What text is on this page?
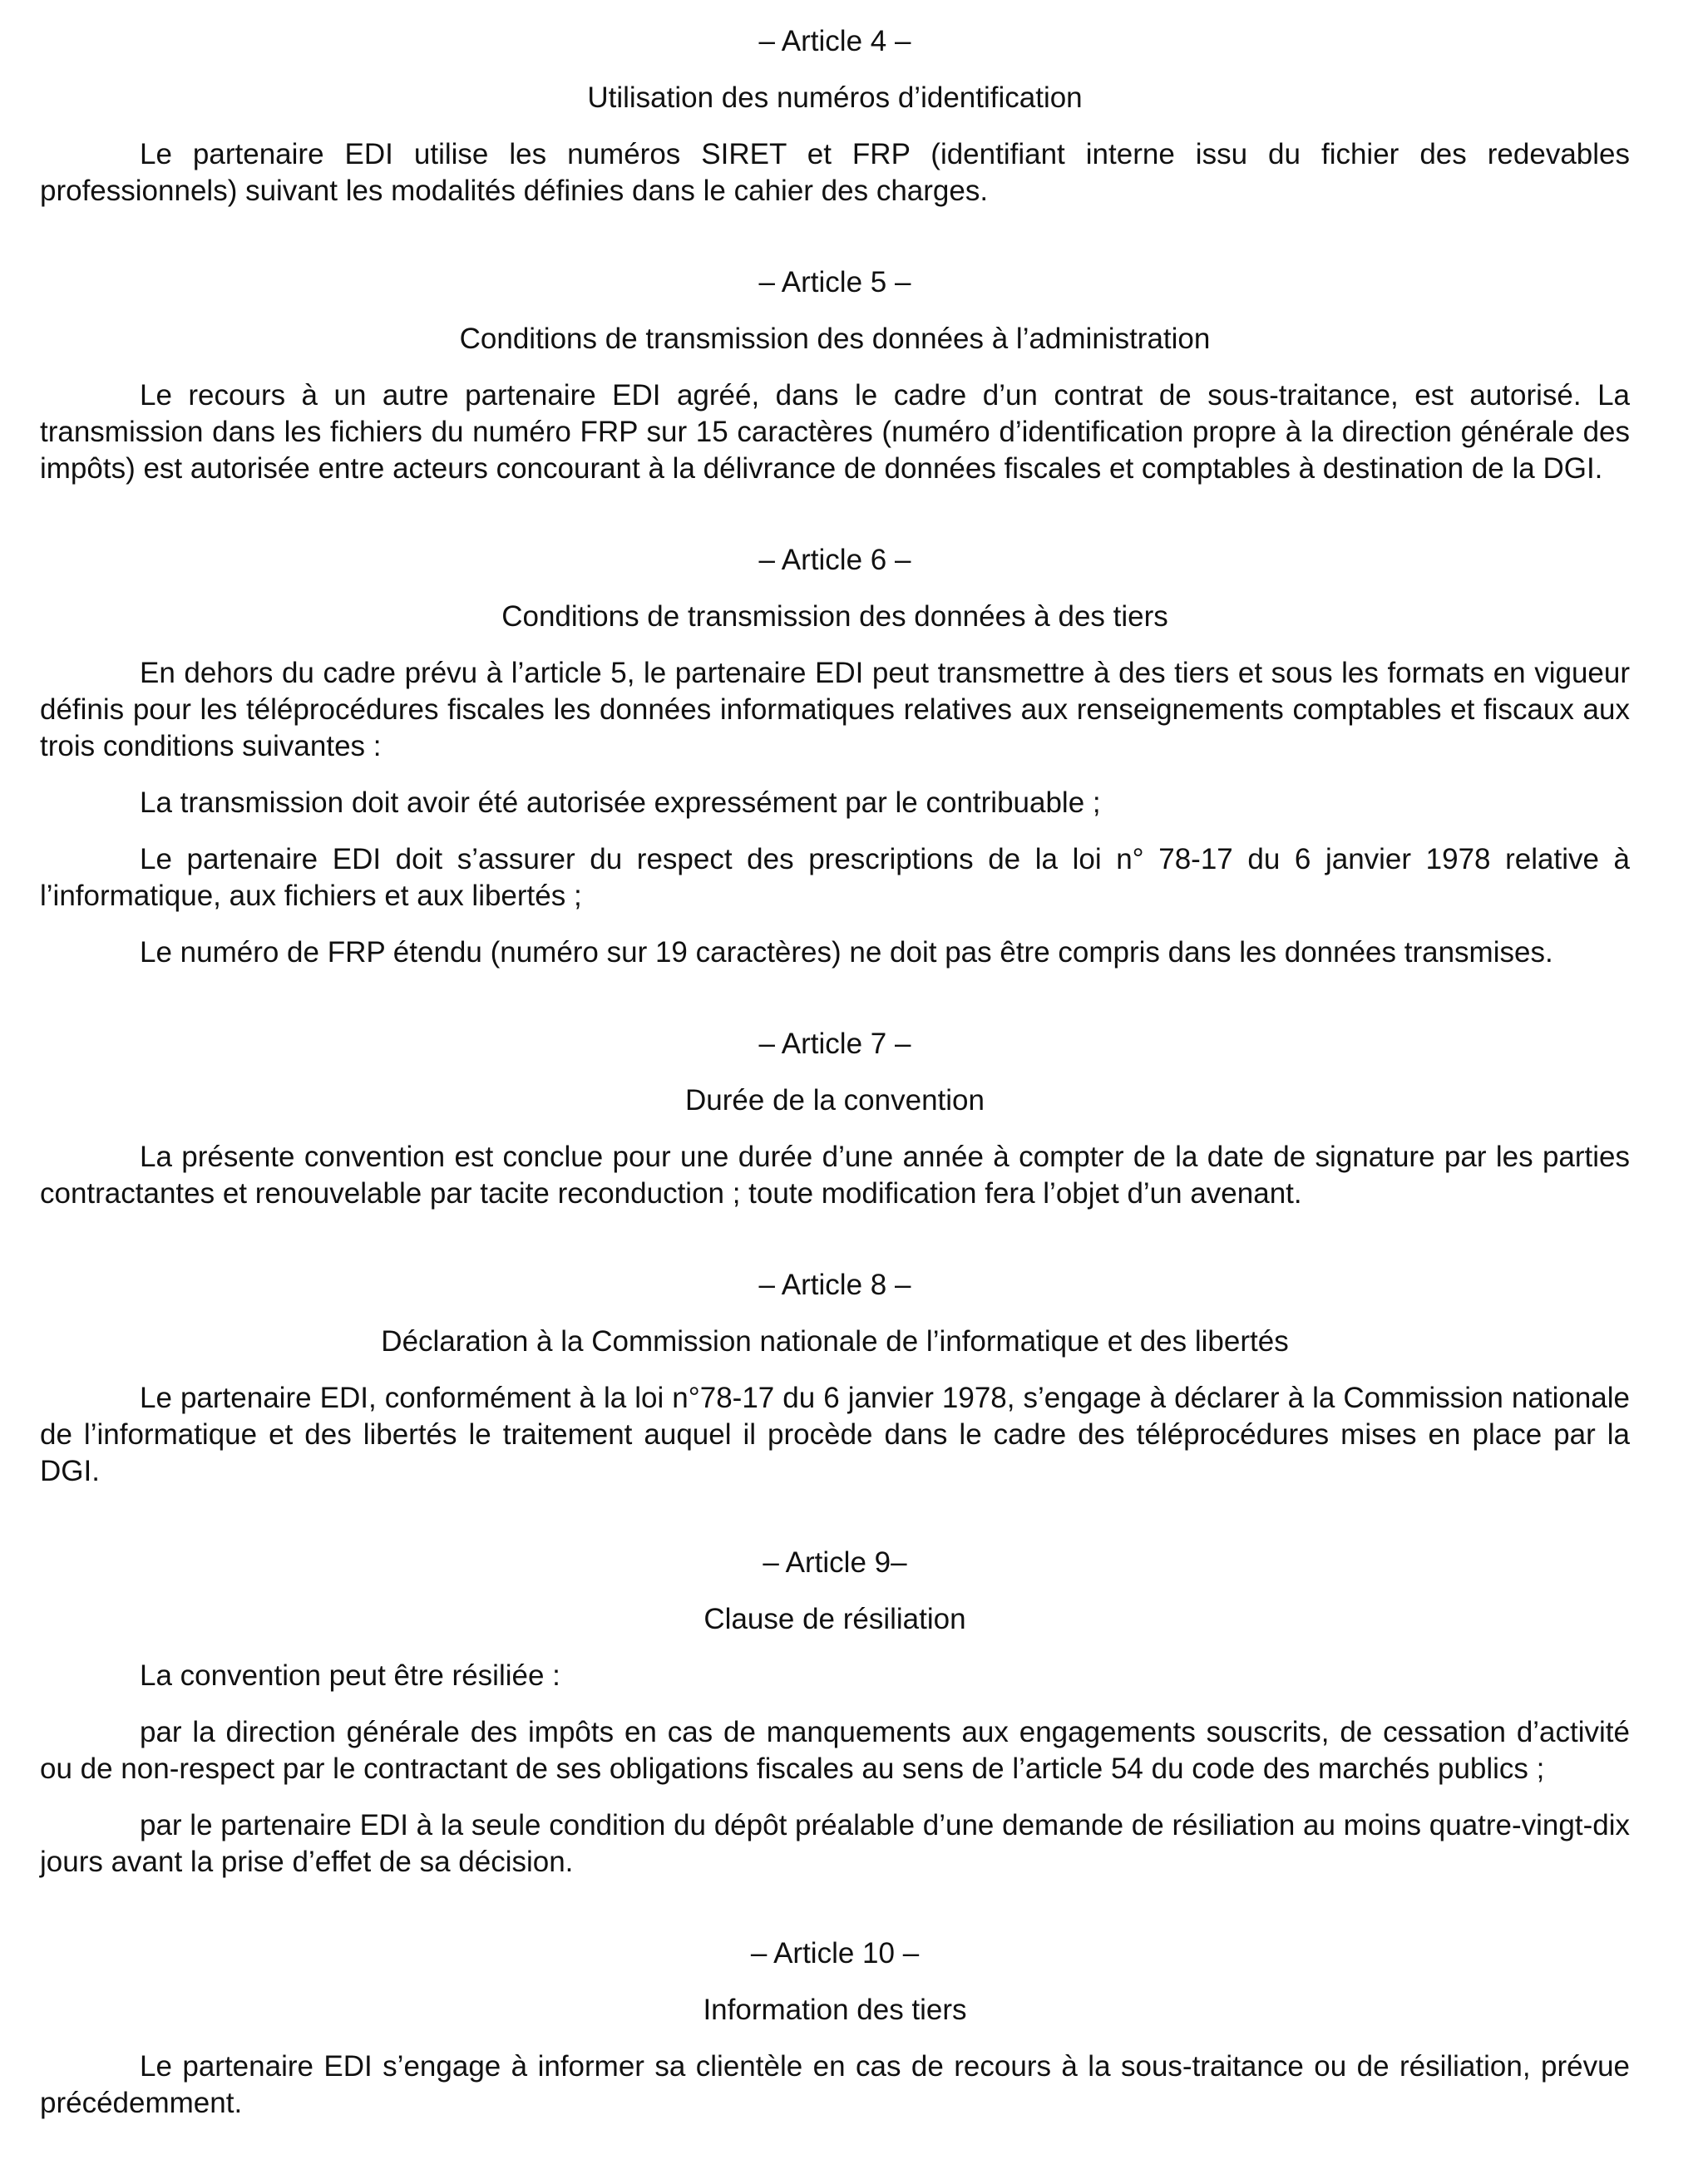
– Article 4 –
Utilisation des numéros d’identification

Le partenaire EDI utilise les numéros SIRET et FRP (identifiant interne issu du fichier des redevables professionnels) suivant les modalités définies dans le cahier des charges.

– Article 5 –
Conditions de transmission des données à l’administration

Le recours à un autre partenaire EDI agréé, dans le cadre d’un contrat de sous-traitance, est autorisé. La transmission dans les fichiers du numéro FRP sur 15 caractères (numéro d’identification propre à la direction générale des impôts) est autorisée entre acteurs concourant à la délivrance de données fiscales et comptables à destination de la DGI.

– Article 6 –
Conditions de transmission des données à des tiers

En dehors du cadre prévu à l’article 5, le partenaire EDI peut transmettre à des tiers et sous les formats en vigueur définis pour les téléprocédures fiscales les données informatiques relatives aux renseignements comptables et fiscaux aux trois conditions suivantes :

La transmission doit avoir été autorisée expressément par le contribuable ;

Le partenaire EDI doit s’assurer du respect des prescriptions de la loi n° 78-17 du 6 janvier 1978 relative à l’informatique, aux fichiers et aux libertés ;

Le numéro de FRP étendu (numéro sur 19 caractères) ne doit pas être compris dans les données transmises.

– Article 7 –
Durée de la convention

La présente convention est conclue pour une durée d’une année à compter de la date de signature par les parties contractantes et renouvelable par tacite reconduction ; toute modification fera l’objet d’un avenant.

– Article 8 –
Déclaration à la Commission nationale de l’informatique et des libertés

Le partenaire EDI, conformément à la loi n°78-17 du 6 janvier 1978, s’engage à déclarer à la Commission nationale de l’informatique et des libertés le traitement auquel il procède dans le cadre des téléprocédures mises en place par la DGI.

– Article 9–
Clause de résiliation

La convention peut être résiliée :

par la direction générale des impôts en cas de manquements aux engagements souscrits, de cessation d’activité ou de non-respect par le contractant de ses obligations fiscales au sens de l’article 54 du code des marchés publics ;

par le partenaire EDI à la seule condition du dépôt préalable d’une demande de résiliation au moins quatre-vingt-dix jours avant la prise d’effet de sa décision.

– Article 10 –
Information des tiers

Le partenaire EDI s’engage à informer sa clientèle en cas de recours à la sous-traitance ou de résiliation, prévue précédemment.
